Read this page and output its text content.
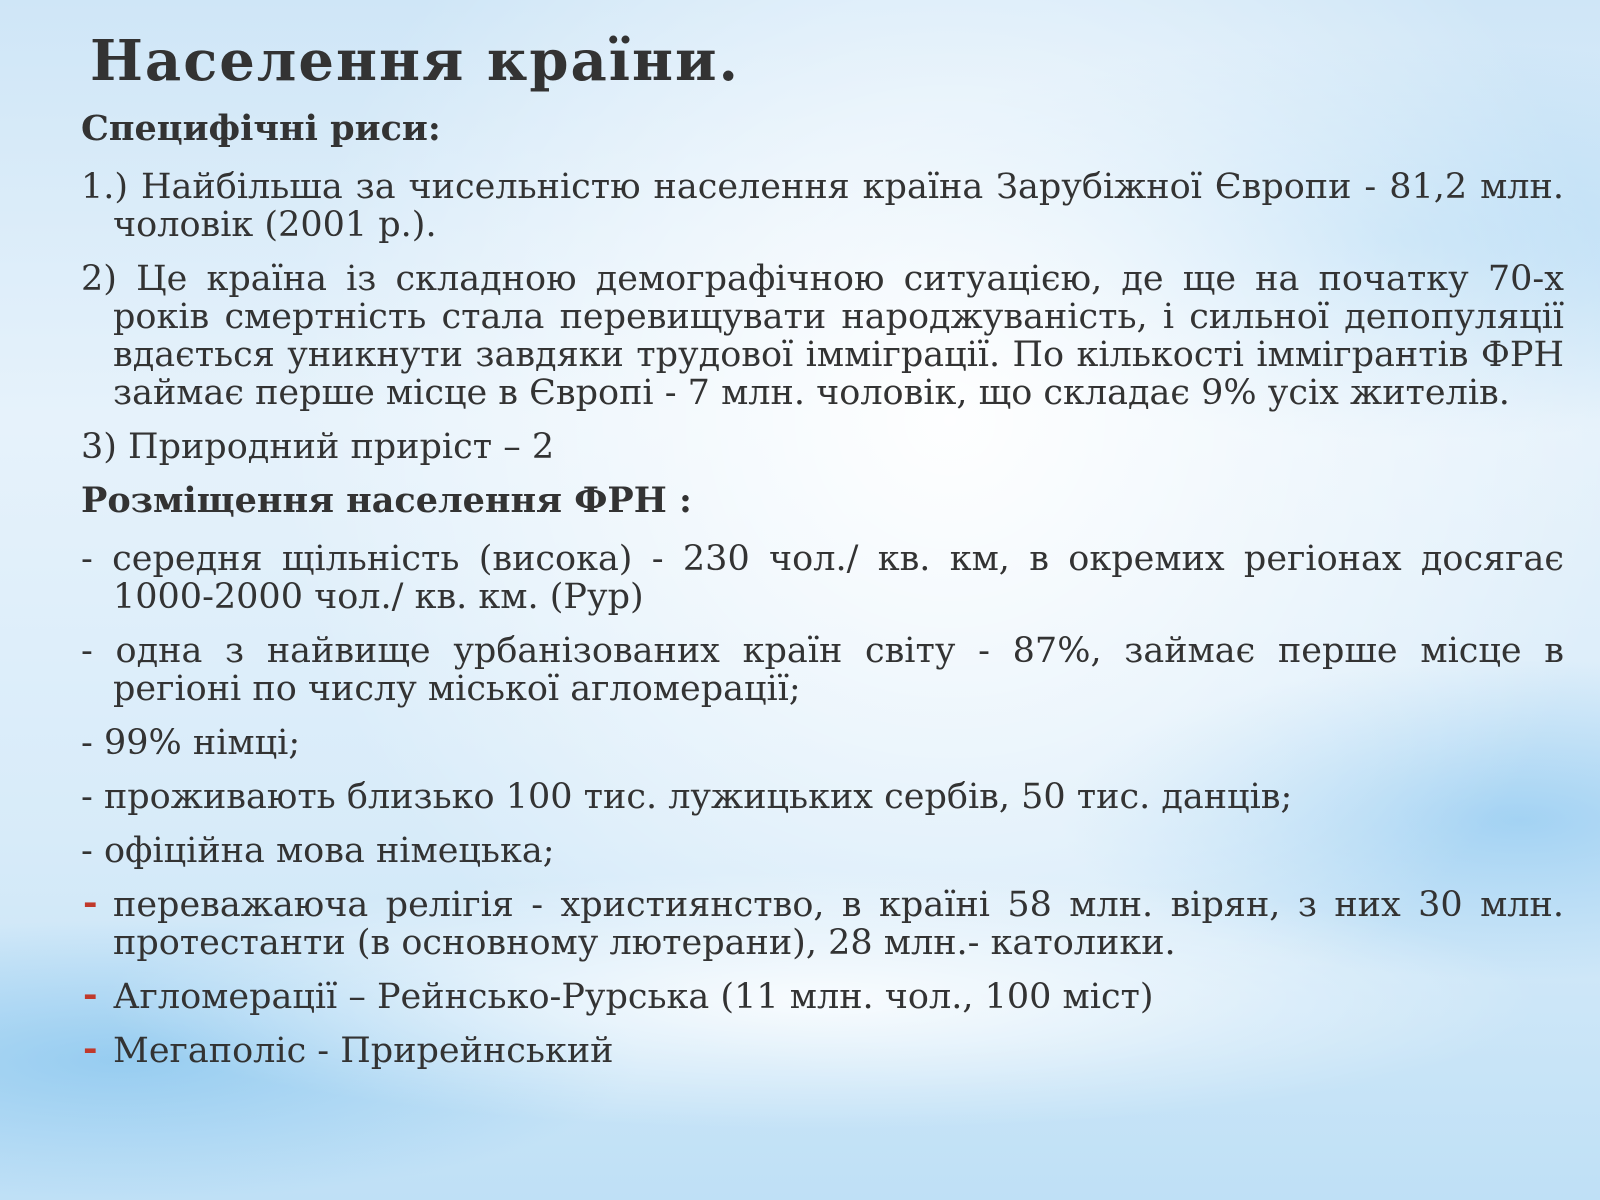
Населення країни.

Специфічні риси:

1.) Найбільша за чисельністю населення країна Зарубіжної Європи - 81,2 млн. чоловік (2001 р.).

2) Це країна із складною демографічною ситуацією, де ще на початку 70-х років смертність стала перевищувати народжуваність, і сильної депопуляції вдається уникнути завдяки трудової імміграції. По кількості іммігрантів ФРН займає перше місце в Європі - 7 млн. чоловік, що складає 9% усіх жителів.

3) Природний приріст – 2

Розміщення населення ФРН :

- середня щільність (висока) - 230 чол./ кв. км, в окремих регіонах досягає 1000-2000 чол./ кв. км. (Рур)

- одна з найвище урбанізованих країн світу - 87%, займає перше місце в регіоні по числу міської агломерації;

- 99% німці;

- проживають близько 100 тис. лужицьких сербів, 50 тис. данців;

- офіційна мова німецька;

- переважаюча релігія - християнство, в країні 58 млн. вірян, з них 30 млн. протестанти (в основному лютерани), 28 млн.- католики.
- Агломерації – Рейнсько-Рурська (11 млн. чол., 100 міст)
- Мегаполіс - Прирейнський
